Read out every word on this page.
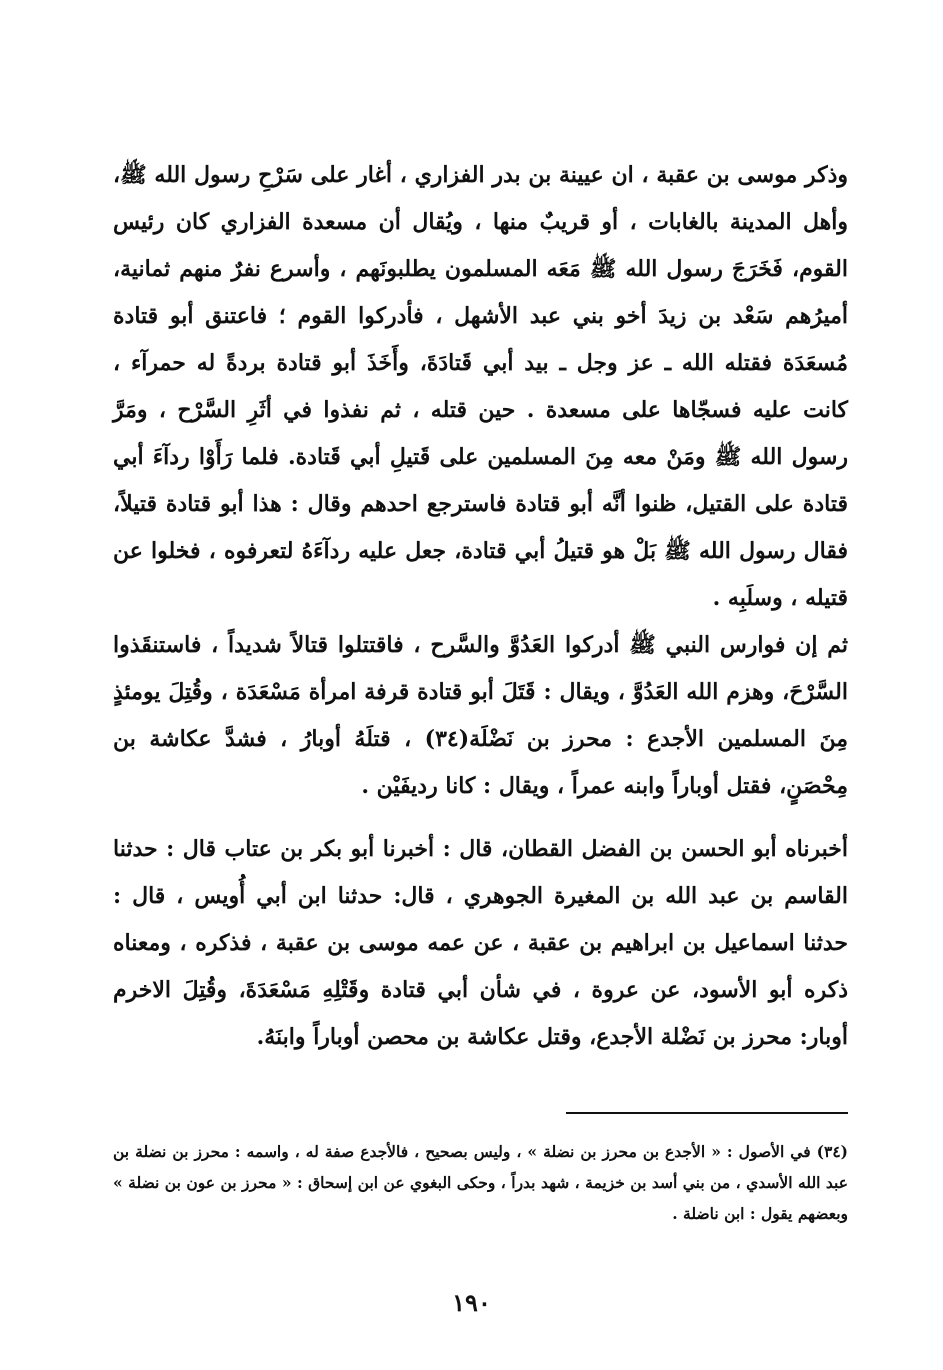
وذكر موسى بن عقبة ، ان عيينة بن بدر الفزاري ، أغار على سَرْحِ رسول الله ﷺ، وأهل المدينة بالغابات ، أو قريبٌ منها ، ويُقال أن مسعدة الفزاري كان رئيس القوم، فَخَرَجَ رسول الله ﷺ مَعَه المسلمون يطلبونَهم ، وأسرع نفرٌ منهم ثمانية، أميرُهم سَعْد بن زيدَ أخو بني عبد الأشهل ، فأدركوا القوم ؛ فاعتنق أبو قتادة مُسعَدَة فقتله الله ـ عز وجل ـ بيد أبي قَتادَةَ، وأَخَذَ أبو قتادة بردةً له حمرآء ، كانت عليه فسجّاها على مسعدة . حين قتله ، ثم نفذوا في أثَرِ السَّرْح ، ومَرَّ رسول الله ﷺ ومَنْ معه مِنَ المسلمين على قَتيلِ أبي قَتادة. فلما رَأَوْا ردآءَ أبي قتادة على القتيل، ظنوا أنَّه أبو قتادة فاسترجع احدهم وقال : هذا أبو قتادة قتيلاً، فقال رسول الله ﷺ بَلْ هو قتيلُ أبي قتادة، جعل عليه ردآءَهُ لتعرفوه ، فخلوا عن قتيله ، وسلَبِه .

ثم إن فوارس النبي ﷺ أدركوا العَدُوَّ والسَّرح ، فاقتتلوا قتالاً شديداً ، فاستنقَذوا السَّرْحَ، وهزم الله العَدُوَّ ، ويقال : قَتَلَ أبو قتادة قرفة امرأة مَسْعَدَة ، وقُتِلَ يومئذٍ مِنَ المسلمين الأجدع : محرز بن نَضْلَة(٣٤) ، قتلَهُ أوبارُ ، فشدَّ عكاشة بن مِحْصَنٍ، فقتل أوباراً وابنه عمراً ، ويقال : كانا رديفَيْن .

أخبرناه أبو الحسن بن الفضل القطان، قال : أخبرنا أبو بكر بن عتاب قال : حدثنا القاسم بن عبد الله بن المغيرة الجوهري ، قال: حدثنا ابن أبي أُويس ، قال : حدثنا اسماعيل بن ابراهيم بن عقبة ، عن عمه موسى بن عقبة ، فذكره ، ومعناه ذكره أبو الأسود، عن عروة ، في شأن أبي قتادة وقَتْلِهِ مَسْعَدَةَ، وقُتِلَ الاخرم أوبار: محرز بن نَضْلة الأجدع، وقتل عكاشة بن محصن أوباراً وابنَهُ.

(٣٤) في الأصول : « الأجدع بن محرز بن نضلة » ، وليس بصحيح ، فالأجدع صفة له ، واسمه : محرز بن نضلة بن عبد الله الأسدي ، من بني أسد بن خزيمة ، شهد بدراً ، وحكى البغوي عن ابن إسحاق : « محرز بن عون بن نضلة » وبعضهم يقول : ابن ناضلة .

١٩٠
